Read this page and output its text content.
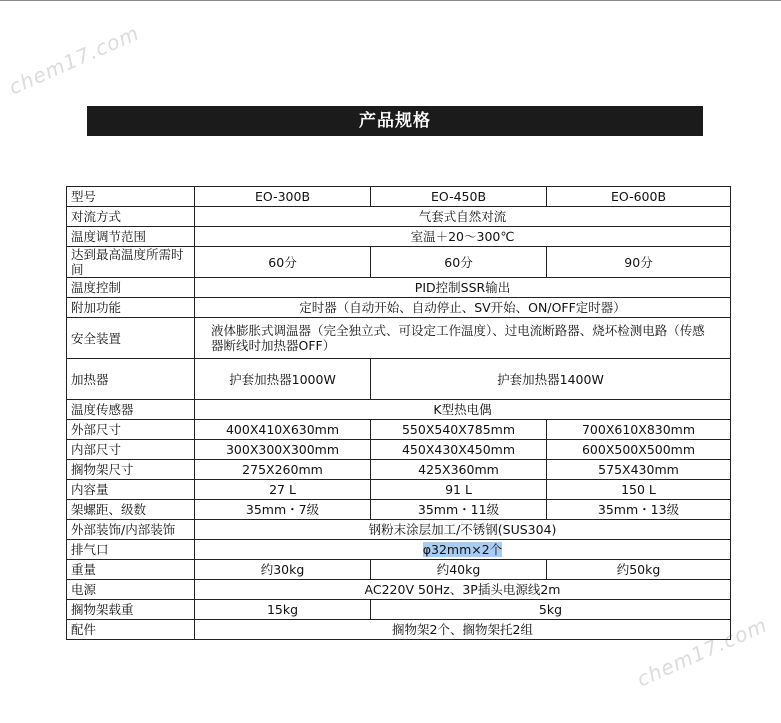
chem17.com
chem17.com
产品规格
型号	EO-300B	EO-450B	EO-600B
对流方式	气套式自然对流		
温度调节范围	室温＋20～300℃		
达到最高温度所需时间	60分	60分	90分
温度控制	PID控制SSR输出		
附加功能	定时器（自动开始、自动停止、SV开始、ON/OFF定时器）		
安全装置	液体膨胀式调温器（完全独立式、可设定工作温度）、过电流断路器、烧坏检测电路（传感器断线时加热器OFF）		
加热器	护套加热器1000W	护套加热器1400W	
温度传感器	K型热电偶		
外部尺寸	400X410X630mm	550X540X785mm	700X610X830mm
内部尺寸	300X300X300mm	450X430X450mm	600X500X500mm
搁物架尺寸	275X260mm	425X360mm	575X430mm
内容量	27 L	91 L	150 L
架螺距、级数	35mm・7级	35mm・11级	35mm・13级
外部装饰/内部装饰	钢粉末涂层加工/不锈钢(SUS304)		
排气口	φ32mm×2个		
重量	约30kg	约40kg	约50kg
电源	AC220V 50Hz、3P插头电源线2m		
搁物架载重	15kg	5kg	
配件	搁物架2个、搁物架托2组		
